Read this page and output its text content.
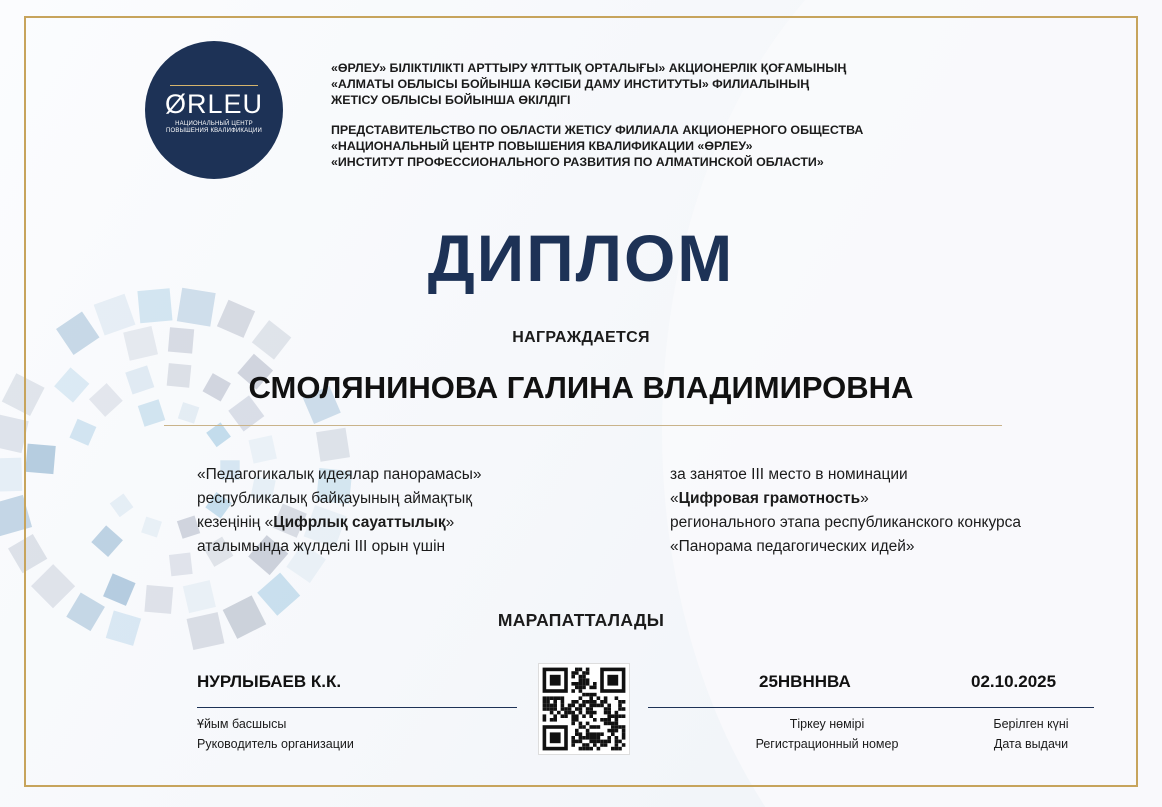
ØRLEU
НАЦИОНАЛЬНЫЙ ЦЕНТР
ПОВЫШЕНИЯ КВАЛИФИКАЦИИ

«ӨРЛЕУ» БІЛІКТІЛІКТІ АРТТЫРУ ҰЛТТЫҚ ОРТАЛЫҒЫ» АКЦИОНЕРЛІК ҚОҒАМЫНЫҢ

«АЛМАТЫ ОБЛЫСЫ БОЙЫНША КӘСІБИ ДАМУ ИНСТИТУТЫ» ФИЛИАЛЫНЫҢ

ЖЕТІСУ ОБЛЫСЫ БОЙЫНША ӨКІЛДІГІ

ПРЕДСТАВИТЕЛЬСТВО ПО ОБЛАСТИ ЖЕТІСУ ФИЛИАЛА АКЦИОНЕРНОГО ОБЩЕСТВА

«НАЦИОНАЛЬНЫЙ ЦЕНТР ПОВЫШЕНИЯ КВАЛИФИКАЦИИ «ӨРЛЕУ»

«ИНСТИТУТ ПРОФЕССИОНАЛЬНОГО РАЗВИТИЯ ПО АЛМАТИНСКОЙ ОБЛАСТИ»

ДИПЛОМ
НАГРАЖДАЕТСЯ
СМОЛЯНИНОВА ГАЛИНА ВЛАДИМИРОВНА

«Педагогикалық идеялар панорамасы»

республикалық байқауының аймақтық

кезеңінің «Цифрлық сауаттылық»

аталымында жүлделі III орын үшін

за занятое III место в номинации

«Цифровая грамотность»

регионального этапа республиканского конкурса

«Панорама педагогических идей»

МАРАПАТТАЛАДЫ
НУРЛЫБАЕВ К.К.
Ұйым басшысы
Руководитель организации
25НВННВА	02.10.2025
Тіркеу нөмірі
Регистрационный номер
Берілген күні
Дата выдачи
